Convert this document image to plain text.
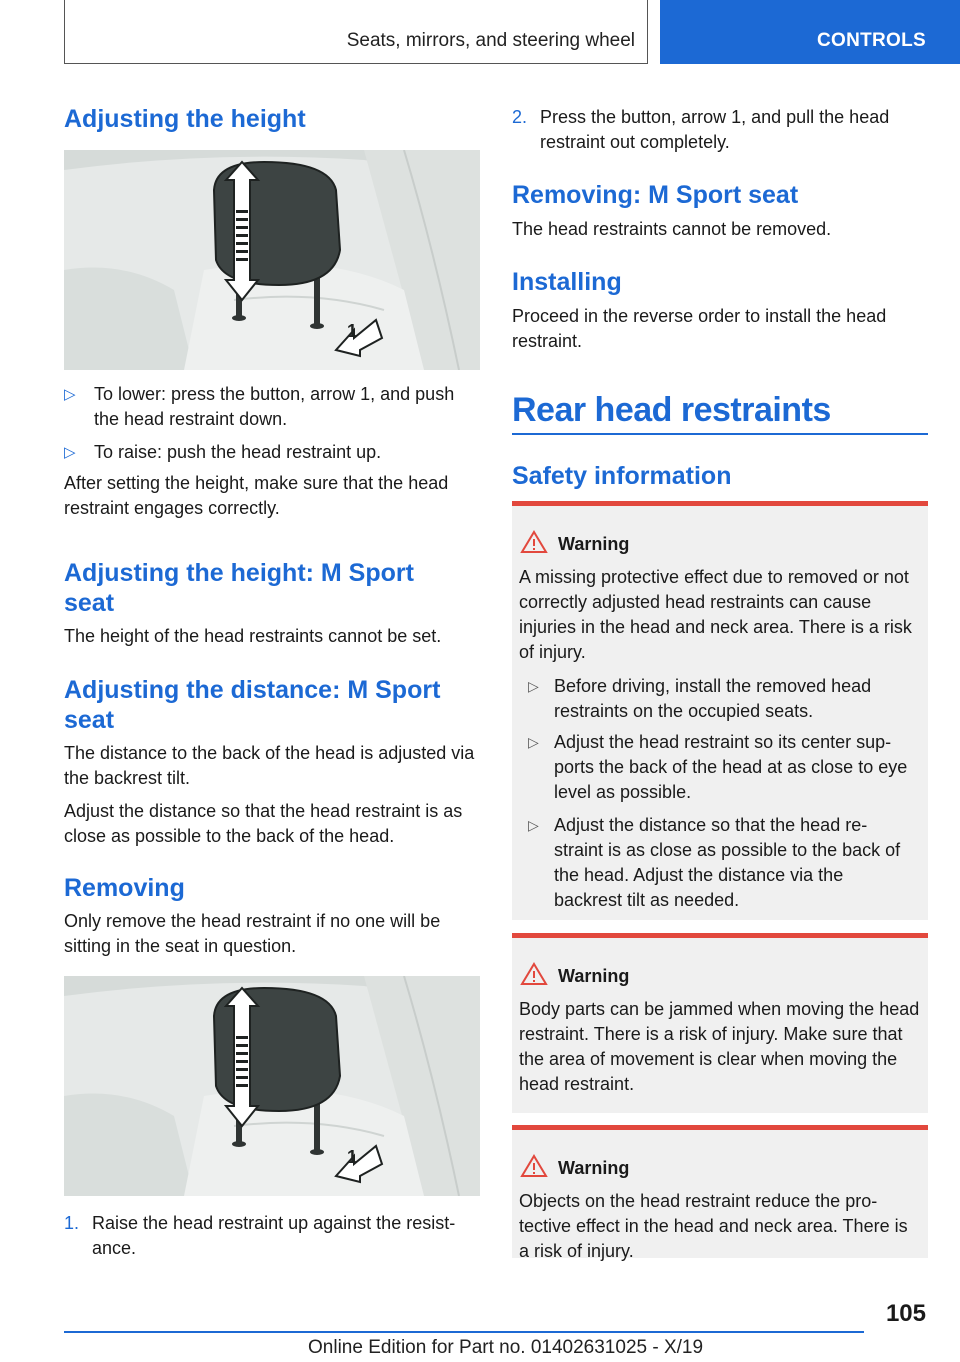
Seats, mirrors, and steering wheel	CONTROLS
Adjusting the height
1
▷ To lower: press the button, arrow 1, and push the head restraint down.
▷ To raise: push the head restraint up.

After setting the height, make sure that the head restraint engages correctly.

Adjusting the height: M Sport seat

The height of the head restraints cannot be set.

Adjusting the distance: M Sport seat

The distance to the back of the head is adjusted via the backrest tilt.

Adjust the distance so that the head restraint is as close as possible to the back of the head.

Removing

Only remove the head restraint if no one will be sitting in the seat in question.

1
1. Raise the head restraint up against the resist-ance.
2. Press the button, arrow 1, and pull the head restraint out completely.
Removing: M Sport seat

The head restraints cannot be removed.

Installing

Proceed in the reverse order to install the head restraint.

Rear head restraints
Safety information
Warning
A missing protective effect due to removed or not correctly adjusted head restraints can cause injuries in the head and neck area. There is a risk of injury.
▷ Before driving, install the removed head restraints on the occupied seats.
▷ Adjust the head restraint so its center sup-ports the back of the head at as close to eye level as possible.
▷ Adjust the distance so that the head re-straint is as close as possible to the back of the head. Adjust the distance via the backrest tilt as needed.
Warning
Body parts can be jammed when moving the head restraint. There is a risk of injury. Make sure that the area of movement is clear when moving the head restraint.
Warning
Objects on the head restraint reduce the pro-tective effect in the head and neck area. There is a risk of injury.
105
Online Edition for Part no. 01402631025 - X/19
